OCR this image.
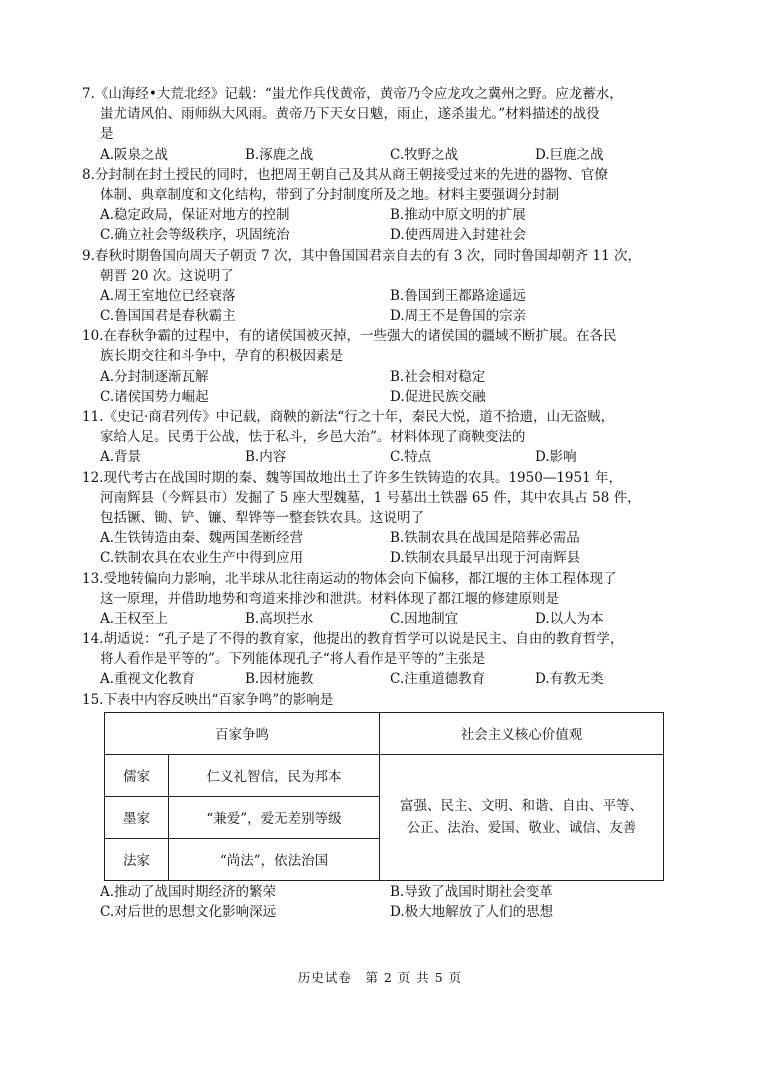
7.《山海经•大荒北经》记载：“蚩尤作兵伐黄帝，黄帝乃令应龙攻之冀州之野。应龙蓄水，
蚩尤请风伯、雨师纵大风雨。黄帝乃下天女日魃，雨止，遂杀蚩尤。”材料描述的战役
是
A.阪泉之战	B.涿鹿之战	C.牧野之战	D.巨鹿之战
8.分封制在封土授民的同时，也把周王朝自己及其从商王朝接受过来的先进的器物、官僚
体制、典章制度和文化结构，带到了分封制度所及之地。材料主要强调分封制
A.稳定政局，保证对地方的控制	B.推动中原文明的扩展
C.确立社会等级秩序，巩固统治	D.使西周进入封建社会
9.春秋时期鲁国向周天子朝贡 7 次，其中鲁国国君亲自去的有 3 次，同时鲁国却朝齐 11 次，
朝晋 20 次。这说明了
A.周王室地位已经衰落	B.鲁国到王都路途遥远
C.鲁国国君是春秋霸主	D.周王不是鲁国的宗亲
10.在春秋争霸的过程中，有的诸侯国被灭掉，一些强大的诸侯国的疆域不断扩展。在各民
族长期交往和斗争中，孕育的积极因素是
A.分封制逐渐瓦解	B.社会相对稳定
C.诸侯国势力崛起	D.促进民族交融
11.《史记·商君列传》中记载，商鞅的新法“行之十年，秦民大悦，道不拾遗，山无盗贼，
家给人足。民勇于公战，怯于私斗，乡邑大治”。材料体现了商鞅变法的
A.背景	B.内容	C.特点	D.影响
12.现代考古在战国时期的秦、魏等国故地出土了许多生铁铸造的农具。1950—1951 年，
河南辉县（今辉县市）发掘了 5 座大型魏墓，1 号墓出土铁器 65 件，其中农具占 58 件，
包括镢、锄、铲、镰、犁铧等一整套铁农具。这说明了
A.生铁铸造由秦、魏两国垄断经营	B.铁制农具在战国是陪葬必需品
C.铁制农具在农业生产中得到应用	D.铁制农具最早出现于河南辉县
13.受地转偏向力影响，北半球从北往南运动的物体会向下偏移，都江堰的主体工程体现了
这一原理，并借助地势和弯道来排沙和泄洪。材料体现了都江堰的修建原则是
A.王权至上	B.高坝拦水	C.因地制宜	D.以人为本
14.胡适说：“孔子是了不得的教育家，他提出的教育哲学可以说是民主、自由的教育哲学，
将人看作是平等的”。下列能体现孔子“将人看作是平等的”主张是
A.重视文化教育	B.因材施教	C.注重道德教育	D.有教无类
15.下表中内容反映出“百家争鸣”的影响是
百家争鸣		社会主义核心价值观
儒家	仁义礼智信，民为邦本	富强、民主、文明、和谐、自由、平等、
公正、法治、爱国、敬业、诚信、友善

墨家	“兼爱”，爱无差别等级	
法家	“尚法”，依法治国	
A.推动了战国时期经济的繁荣	B.导致了战国时期社会变革
C.对后世的思想文化影响深远	D.极大地解放了人们的思想
历史试卷　第 2 页 共 5 页
